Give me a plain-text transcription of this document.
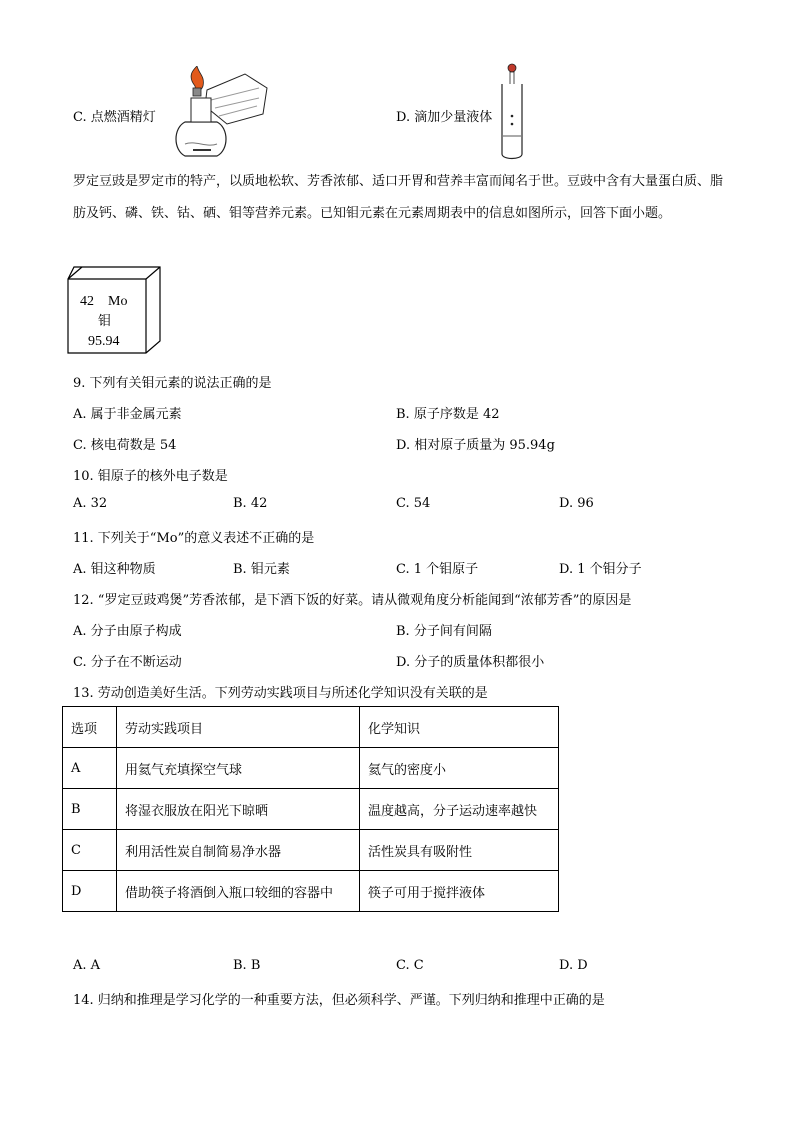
C. 点燃酒精灯	D. 滴加少量液体
罗定豆豉是罗定市的特产，以质地松软、芳香浓郁、适口开胃和营养丰富而闻名于世。豆豉中含有大量蛋白质、脂肪及钙、磷、铁、钴、硒、钼等营养元素。已知钼元素在元素周期表中的信息如图所示，回答下面小题。
42 Mo
钼
95.94
9. 下列有关钼元素的说法正确的是
A. 属于非金属元素	B. 原子序数是 42
C. 核电荷数是 54	D. 相对原子质量为 95.94g
10. 钼原子的核外电子数是
A. 32	B. 42	C. 54	D. 96
11. 下列关于“Mo”的意义表述不正确的是
A. 钼这种物质	B. 钼元素	C. 1 个钼原子	D. 1 个钼分子
12. “罗定豆豉鸡煲”芳香浓郁，是下酒下饭的好菜。请从微观角度分析能闻到“浓郁芳香”的原因是
A. 分子由原子构成	B. 分子间有间隔
C. 分子在不断运动	D. 分子的质量体积都很小
13. 劳动创造美好生活。下列劳动实践项目与所述化学知识没有关联的是
选项	劳动实践项目	化学知识
A	用氦气充填探空气球	氦气的密度小
B	将湿衣服放在阳光下晾晒	温度越高，分子运动速率越快
C	利用活性炭自制简易净水器	活性炭具有吸附性
D	借助筷子将酒倒入瓶口较细的容器中	筷子可用于搅拌液体
A. A	B. B	C. C	D. D
14. 归纳和推理是学习化学的一种重要方法，但必须科学、严谨。下列归纳和推理中正确的是
